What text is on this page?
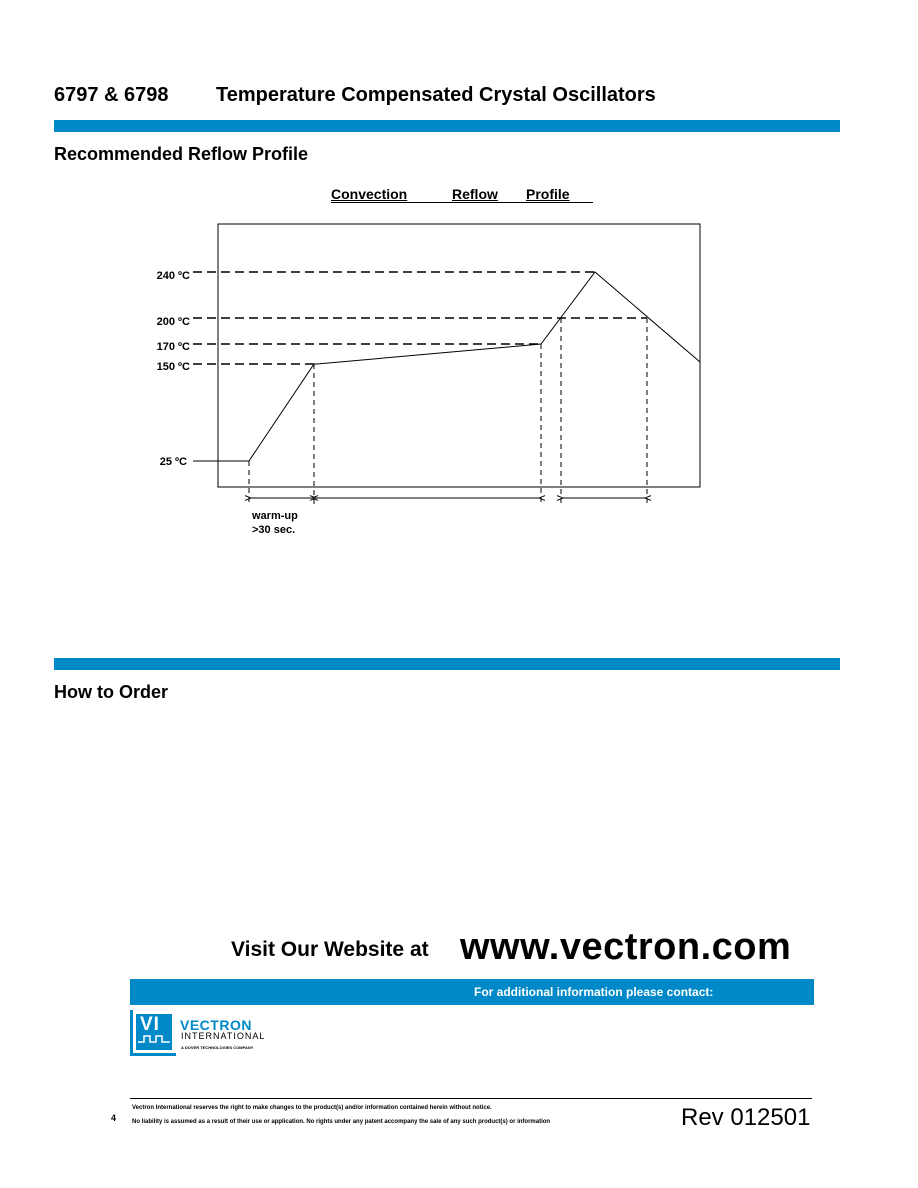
6797 & 6798 Temperature Compensated Crystal Oscillators
Recommended Reflow Profile
Convection	Reflow Profile
240 ºC
200 ºC
170 ºC
150 ºC
25 ºC
warm-up
>30 sec.
How to Order
Visit Our Website at www.vectron.com
For additional information please contact:
VI VECTRON
INTERNATIONAL
A DOVER TECHNOLOGIES COMPANY
4
Vectron International reserves the right to make changes to the product(s) and/or information contained herein without notice.
No liability is assumed as a result of their use or application. No rights under any patent accompany the sale of any such product(s) or information	Rev 012501
